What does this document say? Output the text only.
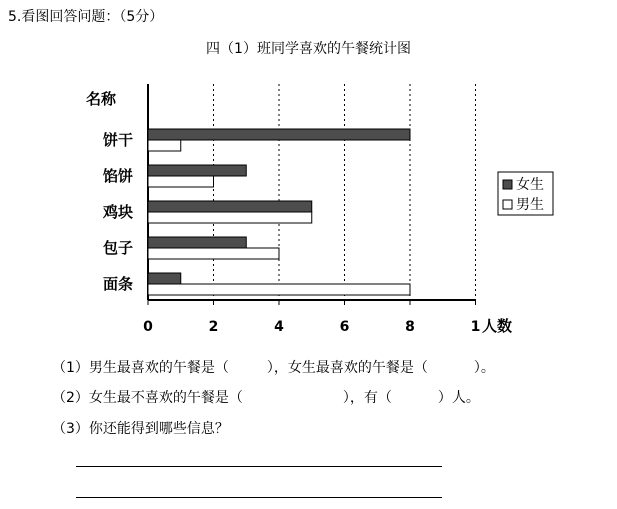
5.看图回答问题：（5分）
四（1）班同学喜欢的午餐统计图
0	2	4	6	8	1 人数
名称
饼干
馅饼
鸡块
包子
面条
女生
男生
（1）男生最喜欢的午餐是（	），女生最喜欢的午餐是（	）。
（2）女生最不喜欢的午餐是（	），有（	）人。
（3）你还能得到哪些信息？
